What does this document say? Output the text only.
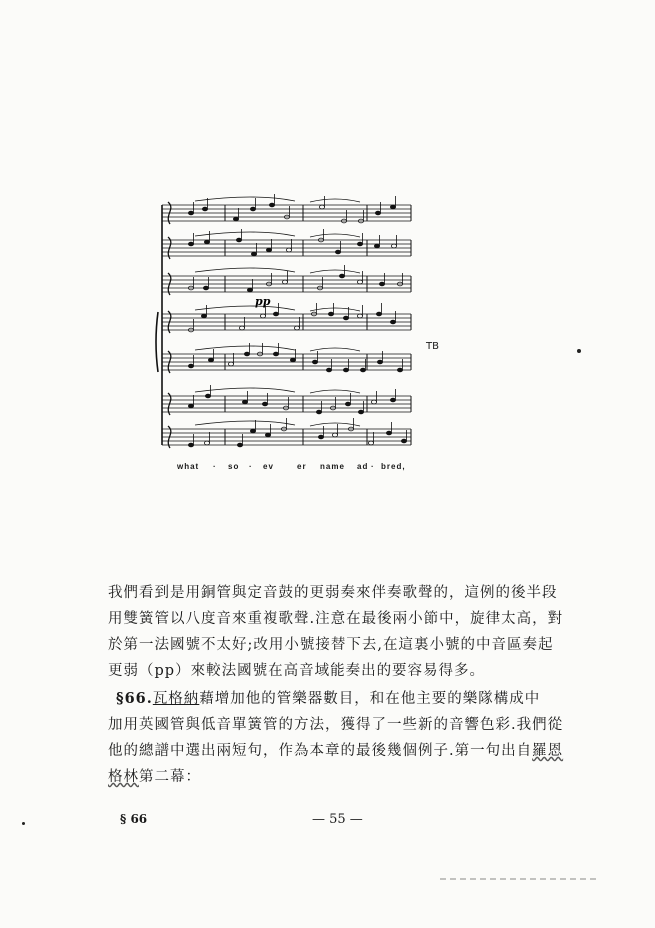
pp
what · so · ev	er name ad · bred,
TB
我們看到是用銅管與定音鼓的更弱奏來伴奏歌聲的，這例的後半段
用雙簧管以八度音來重複歌聲.注意在最後兩小節中，旋律太高，對
於第一法國號不太好;改用小號接替下去,在這裏小號的中音區奏起
更弱（pp）來較法國號在高音域能奏出的要容易得多。
§66.瓦格納藉增加他的管樂器數目，和在他主要的樂隊構成中
加用英國管與低音單簧管的方法，獲得了一些新的音響色彩.我們從
他的總譜中選出兩短句，作為本章的最後幾個例子.第一句出自羅恩
格林第二幕：
§ 66	— 55 —
